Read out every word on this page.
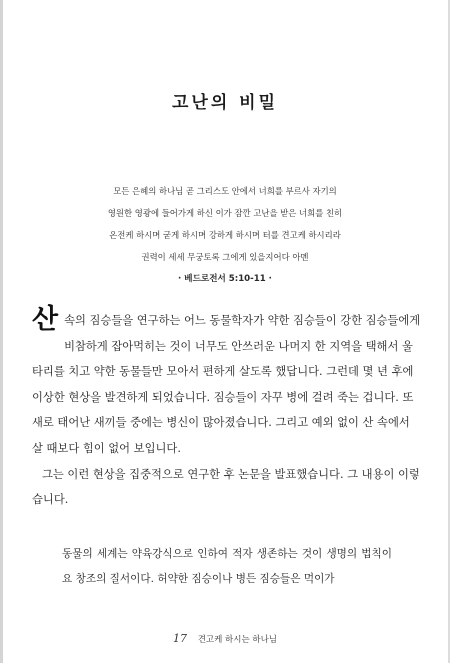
고난의 비밀
모든 은혜의 하나님 곧 그리스도 안에서 너희를 부르사 자기의
영원한 영광에 들어가게 하신 이가 잠깐 고난을 받은 너희를 친히
온전케 하시며 굳게 하시며 강하게 하시며 터를 견고케 하시리라
권력이 세세 무궁토록 그에게 있을지어다 아멘
· 베드로전서 5:10-11 ·

산 속의 짐승들을 연구하는 어느 동물학자가 약한 짐승들이 강한 짐승들에게 비참하게 잡아먹히는 것이 너무도 안쓰러운 나머지 한 지역을 택해서 울타리를 치고 약한 동물들만 모아서 편하게 살도록 했답니다. 그런데 몇 년 후에 이상한 현상을 발견하게 되었습니다. 짐승들이 자꾸 병에 걸려 죽는 겁니다. 또 새로 태어난 새끼들 중에는 병신이 많아졌습니다. 그리고 예외 없이 산 속에서 살 때보다 힘이 없어 보입니다.

그는 이런 현상을 집중적으로 연구한 후 논문을 발표했습니다. 그 내용이 이렇습니다.

동물의 세계는 약육강식으로 인하여 적자 생존하는 것이 생명의 법칙이요 창조의 질서이다. 허약한 짐승이나 병든 짐승들은 먹이가

17 견고케 하시는 하나님
